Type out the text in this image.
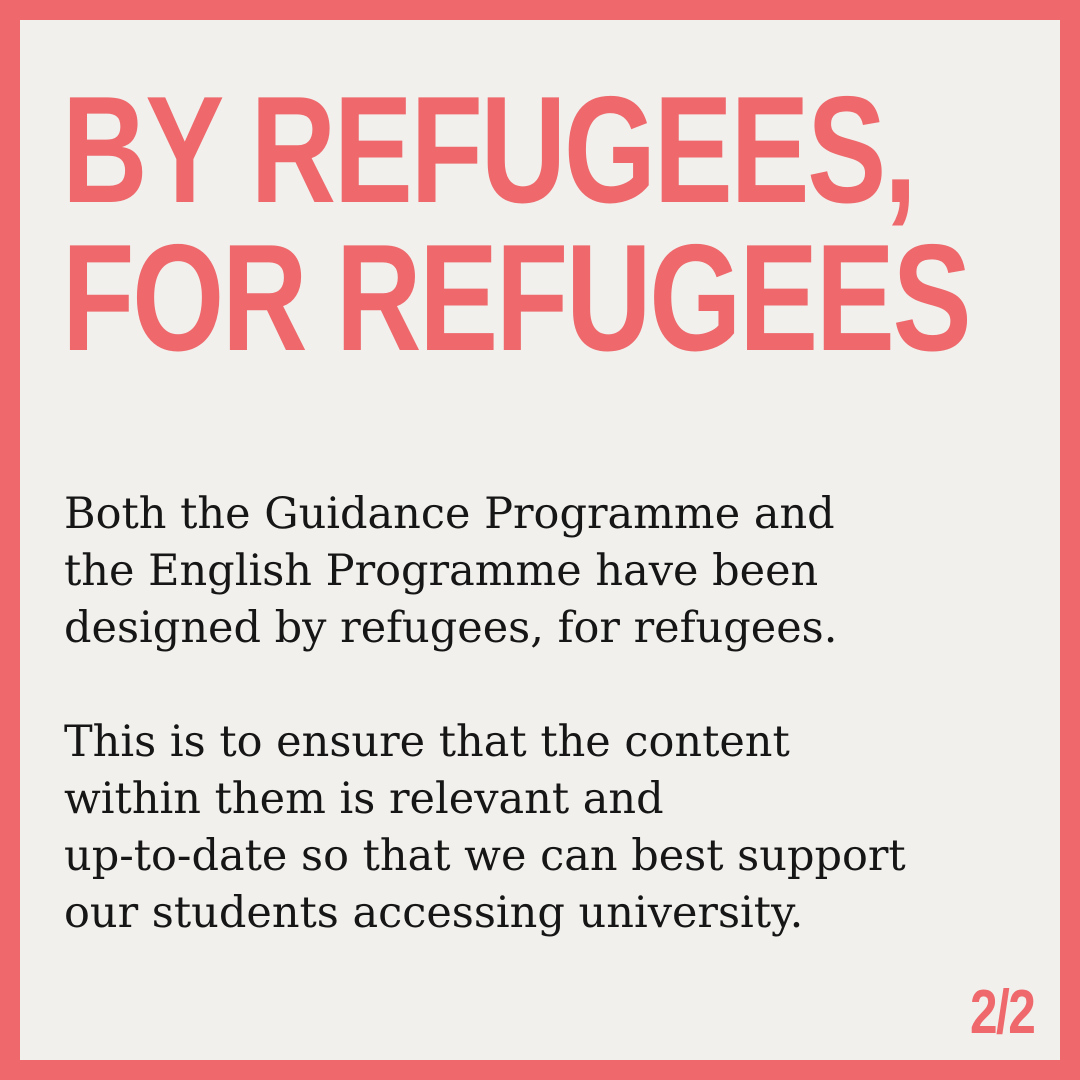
BY REFUGEES,
FOR REFUGEES
Both the Guidance Programme and
the English Programme have been
designed by refugees, for refugees.
This is to ensure that the content
within them is relevant and
up-to-date so that we can best support
our students accessing university.
2/2
